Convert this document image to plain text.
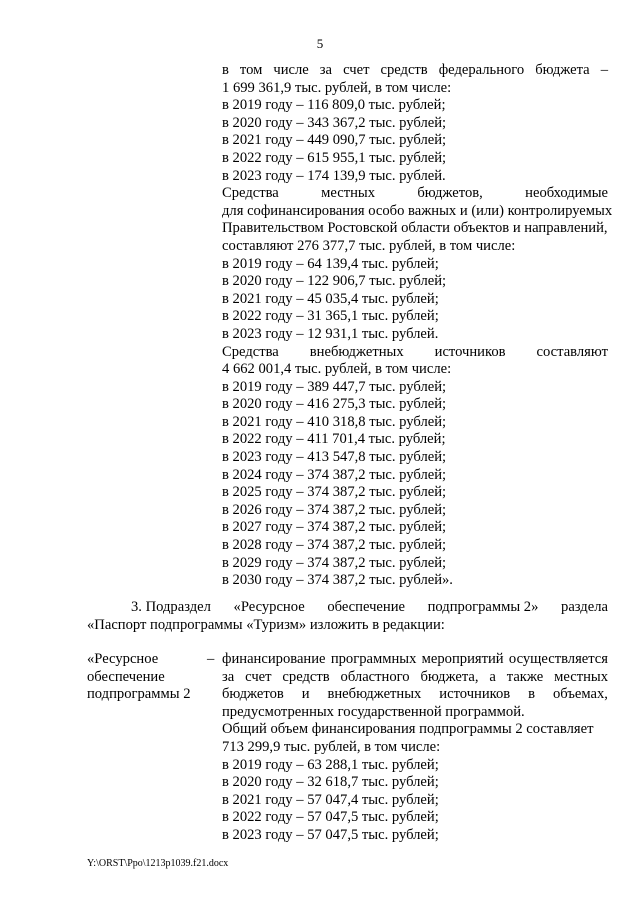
5
в том числе за счет средств федерального бюджета –
1 699 361,9 тыс. рублей, в том числе:
в 2019 году – 116 809,0 тыс. рублей;
в 2020 году – 343 367,2 тыс. рублей;
в 2021 году – 449 090,7 тыс. рублей;
в 2022 году – 615 955,1 тыс. рублей;
в 2023 году – 174 139,9 тыс. рублей.
Средства	местных	бюджетов,	необходимые
для софинансирования особо важных и (или) контролируемых
Правительством Ростовской области объектов и направлений,
составляют 276 377,7 тыс. рублей, в том числе:
в 2019 году – 64 139,4 тыс. рублей;
в 2020 году – 122 906,7 тыс. рублей;
в 2021 году – 45 035,4 тыс. рублей;
в 2022 году – 31 365,1 тыс. рублей;
в 2023 году – 12 931,1 тыс. рублей.
Средства внебюджетных источников составляют
4 662 001,4 тыс. рублей, в том числе:
в 2019 году – 389 447,7 тыс. рублей;
в 2020 году – 416 275,3 тыс. рублей;
в 2021 году – 410 318,8 тыс. рублей;
в 2022 году – 411 701,4 тыс. рублей;
в 2023 году – 413 547,8 тыс. рублей;
в 2024 году – 374 387,2 тыс. рублей;
в 2025 году – 374 387,2 тыс. рублей;
в 2026 году – 374 387,2 тыс. рублей;
в 2027 году – 374 387,2 тыс. рублей;
в 2028 году – 374 387,2 тыс. рублей;
в 2029 году – 374 387,2 тыс. рублей;
в 2030 году – 374 387,2 тыс. рублей».
3. Подраздел «Ресурсное обеспечение подпрограммы 2» раздела
«Паспорт подпрограммы «Туризм» изложить в редакции:
«Ресурсное
обеспечение
подпрограммы 2
– финансирование программных мероприятий осуществляется
за счет средств областного бюджета, а также местных
бюджетов и внебюджетных источников в объемах,
предусмотренных государственной программой.
Общий объем финансирования подпрограммы 2 составляет
713 299,9 тыс. рублей, в том числе:
в 2019 году – 63 288,1 тыс. рублей;
в 2020 году – 32 618,7 тыс. рублей;
в 2021 году – 57 047,4 тыс. рублей;
в 2022 году – 57 047,5 тыс. рублей;
в 2023 году – 57 047,5 тыс. рублей;
Y:\ORST\Ppo\1213p1039.f21.docx
